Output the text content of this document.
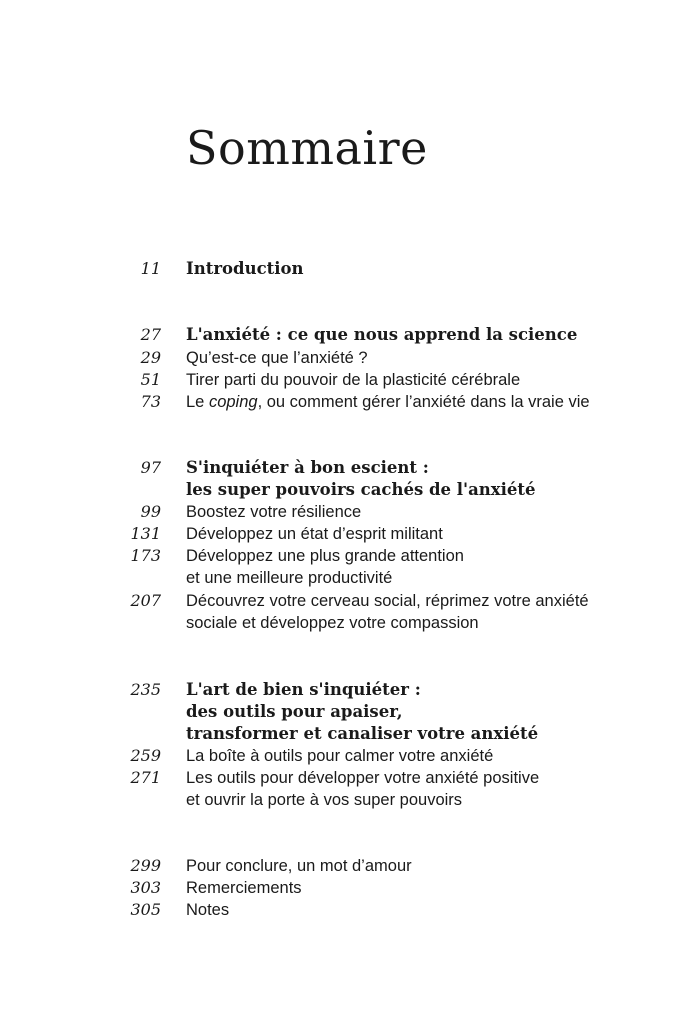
Sommaire
11 Introduction
27 L'anxiété : ce que nous apprend la science
29 Qu’est-ce que l’anxiété ?
51 Tirer parti du pouvoir de la plasticité cérébrale
73 Le coping, ou comment gérer l’anxiété dans la vraie vie
97 S'inquiéter à bon escient :
les super pouvoirs cachés de l'anxiété
99 Boostez votre résilience
131 Développez un état d’esprit militant
173 Développez une plus grande attention
et une meilleure productivité
207 Découvrez votre cerveau social, réprimez votre anxiété
sociale et développez votre compassion
235 L'art de bien s'inquiéter :
des outils pour apaiser,
transformer et canaliser votre anxiété
259 La boîte à outils pour calmer votre anxiété
271 Les outils pour développer votre anxiété positive
et ouvrir la porte à vos super pouvoirs
299 Pour conclure, un mot d’amour
303 Remerciements
305 Notes
